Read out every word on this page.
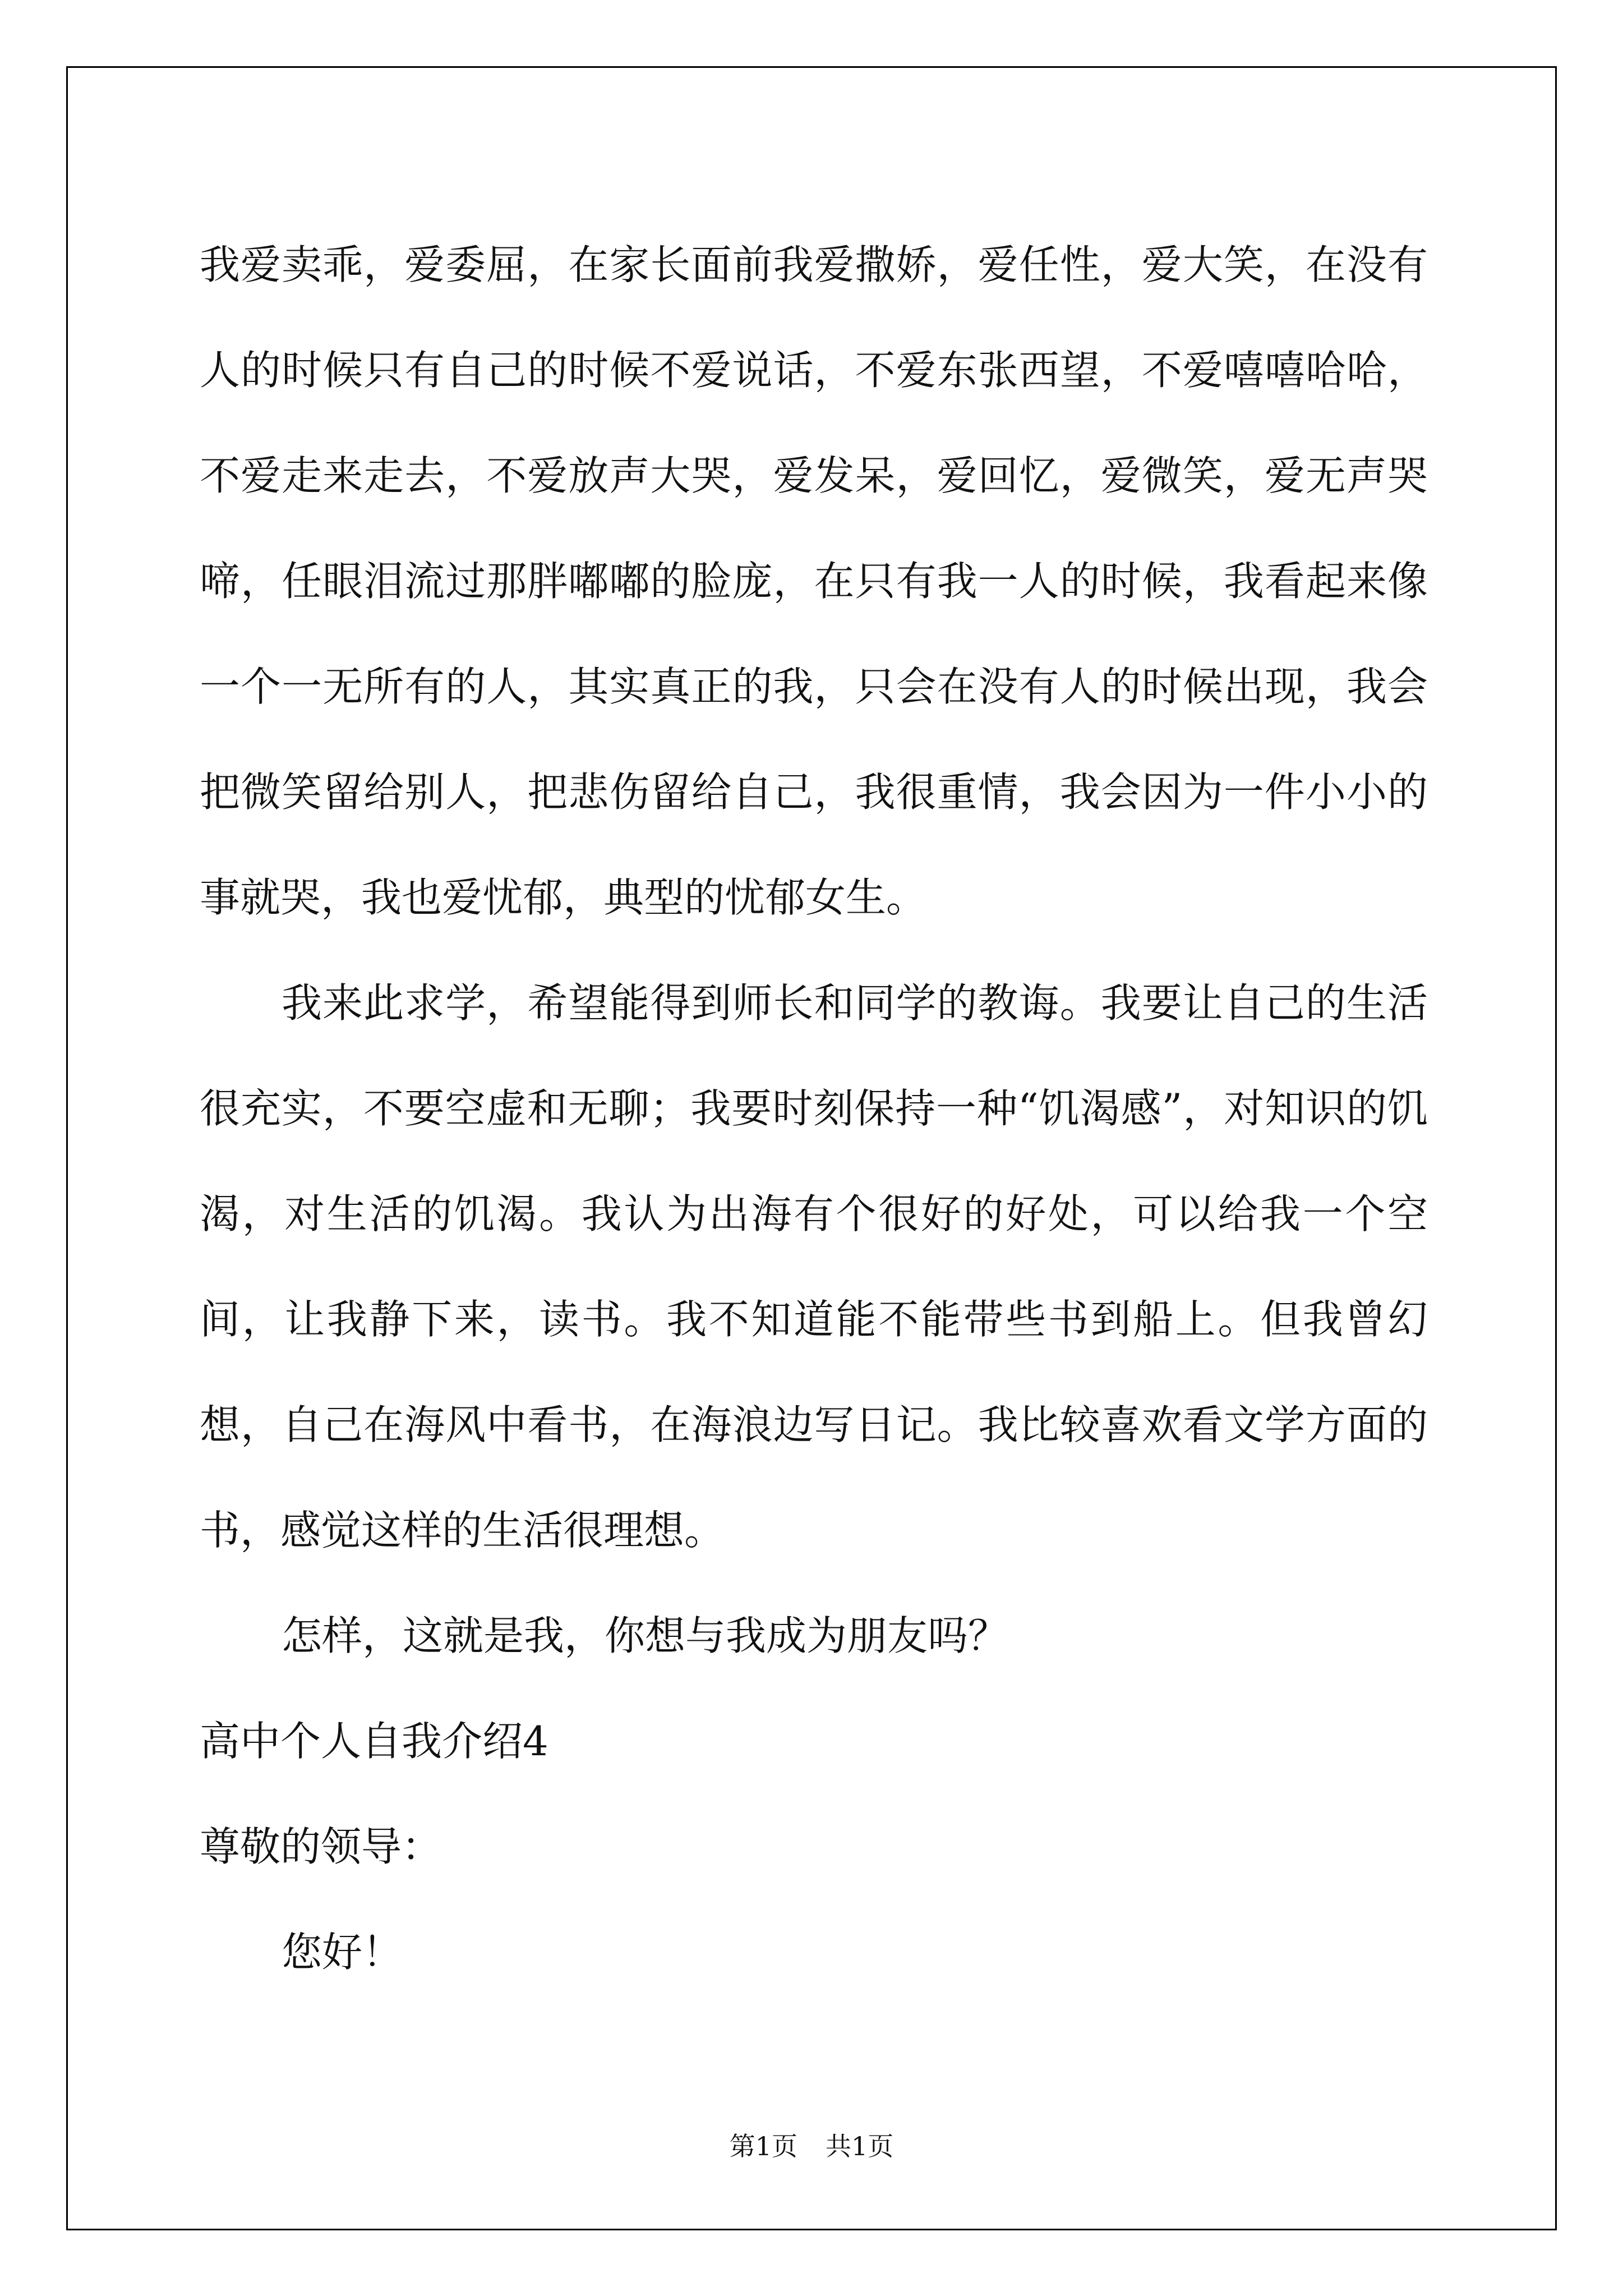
我爱卖乖，爱委屈，在家长面前我爱撒娇，爱任性，爱大笑，在没有人的时候只有自己的时候不爱说话，不爱东张西望，不爱嘻嘻哈哈，不爱走来走去，不爱放声大哭，爱发呆，爱回忆，爱微笑，爱无声哭啼，任眼泪流过那胖嘟嘟的脸庞，在只有我一人的时候，我看起来像一个一无所有的人，其实真正的我，只会在没有人的时候出现，我会把微笑留给别人，把悲伤留给自己，我很重情，我会因为一件小小的事就哭，我也爱忧郁，典型的忧郁女生。

我来此求学，希望能得到师长和同学的教诲。我要让自己的生活很充实，不要空虚和无聊；我要时刻保持一种“饥渴感”，对知识的饥渴，对生活的饥渴。我认为出海有个很好的好处，可以给我一个空间，让我静下来，读书。我不知道能不能带些书到船上。但我曾幻想，自己在海风中看书，在海浪边写日记。我比较喜欢看文学方面的书，感觉这样的生活很理想。

怎样，这就是我，你想与我成为朋友吗？

高中个人自我介绍4

尊敬的领导：

您好！

第1页 共1页
